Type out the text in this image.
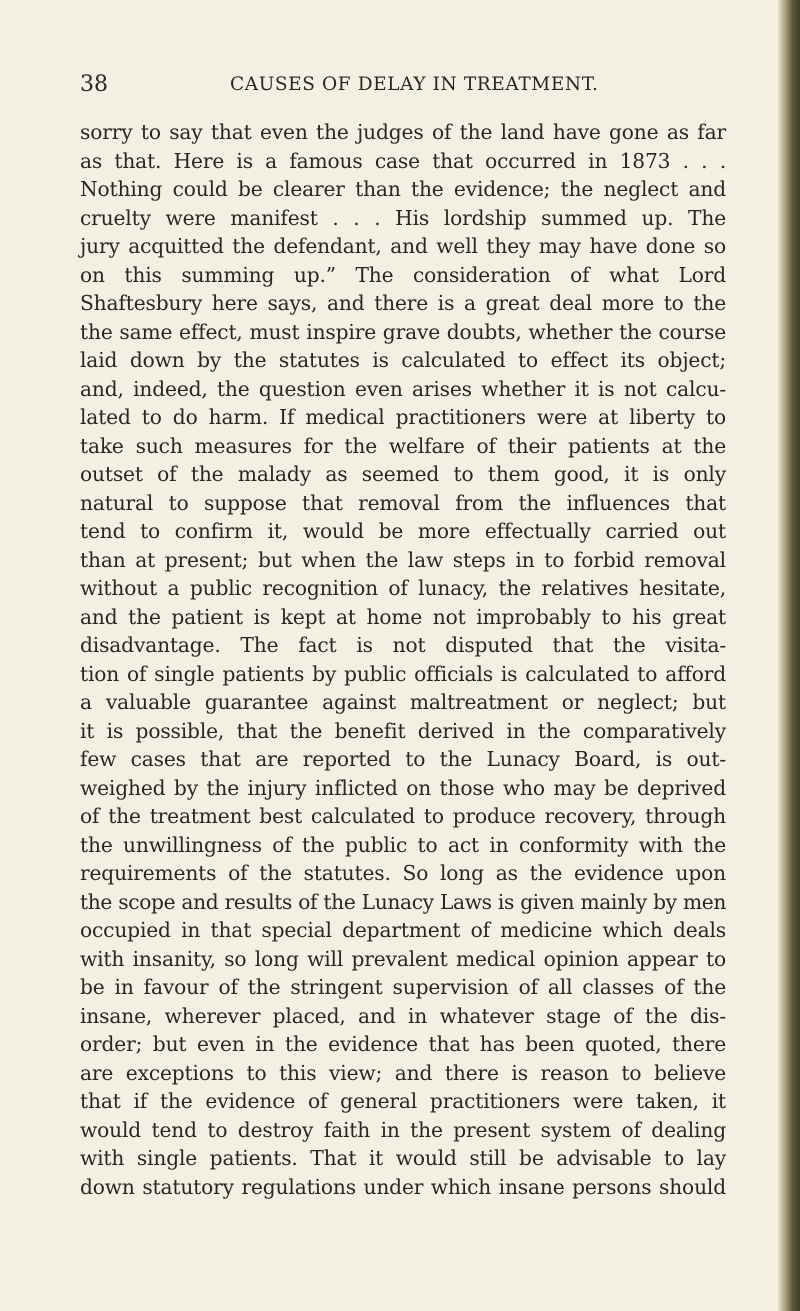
38	CAUSES OF DELAY IN TREATMENT.
sorry to say that even the judges of the land have gone as far
as that. Here is a famous case that occurred in 1873 . . .
Nothing could be clearer than the evidence; the neglect and
cruelty were manifest . . . His lordship summed up. The
jury acquitted the defendant, and well they may have done so
on this summing up.” The consideration of what Lord
Shaftesbury here says, and there is a great deal more to the
the same effect, must inspire grave doubts, whether the course
laid down by the statutes is calculated to effect its object;
and, indeed, the question even arises whether it is not calcu-
lated to do harm. If medical practitioners were at liberty to
take such measures for the welfare of their patients at the
outset of the malady as seemed to them good, it is only
natural to suppose that removal from the influences that
tend to confirm it, would be more effectually carried out
than at present; but when the law steps in to forbid removal
without a public recognition of lunacy, the relatives hesitate,
and the patient is kept at home not improbably to his great
disadvantage. The fact is not disputed that the visita-
tion of single patients by public officials is calculated to afford
a valuable guarantee against maltreatment or neglect; but
it is possible, that the benefit derived in the comparatively
few cases that are reported to the Lunacy Board, is out-
weighed by the injury inflicted on those who may be deprived
of the treatment best calculated to produce recovery, through
the unwillingness of the public to act in conformity with the
requirements of the statutes. So long as the evidence upon
the scope and results of the Lunacy Laws is given mainly by men
occupied in that special department of medicine which deals
with insanity, so long will prevalent medical opinion appear to
be in favour of the stringent supervision of all classes of the
insane, wherever placed, and in whatever stage of the dis-
order; but even in the evidence that has been quoted, there
are exceptions to this view; and there is reason to believe
that if the evidence of general practitioners were taken, it
would tend to destroy faith in the present system of dealing
with single patients. That it would still be advisable to lay
down statutory regulations under which insane persons should
